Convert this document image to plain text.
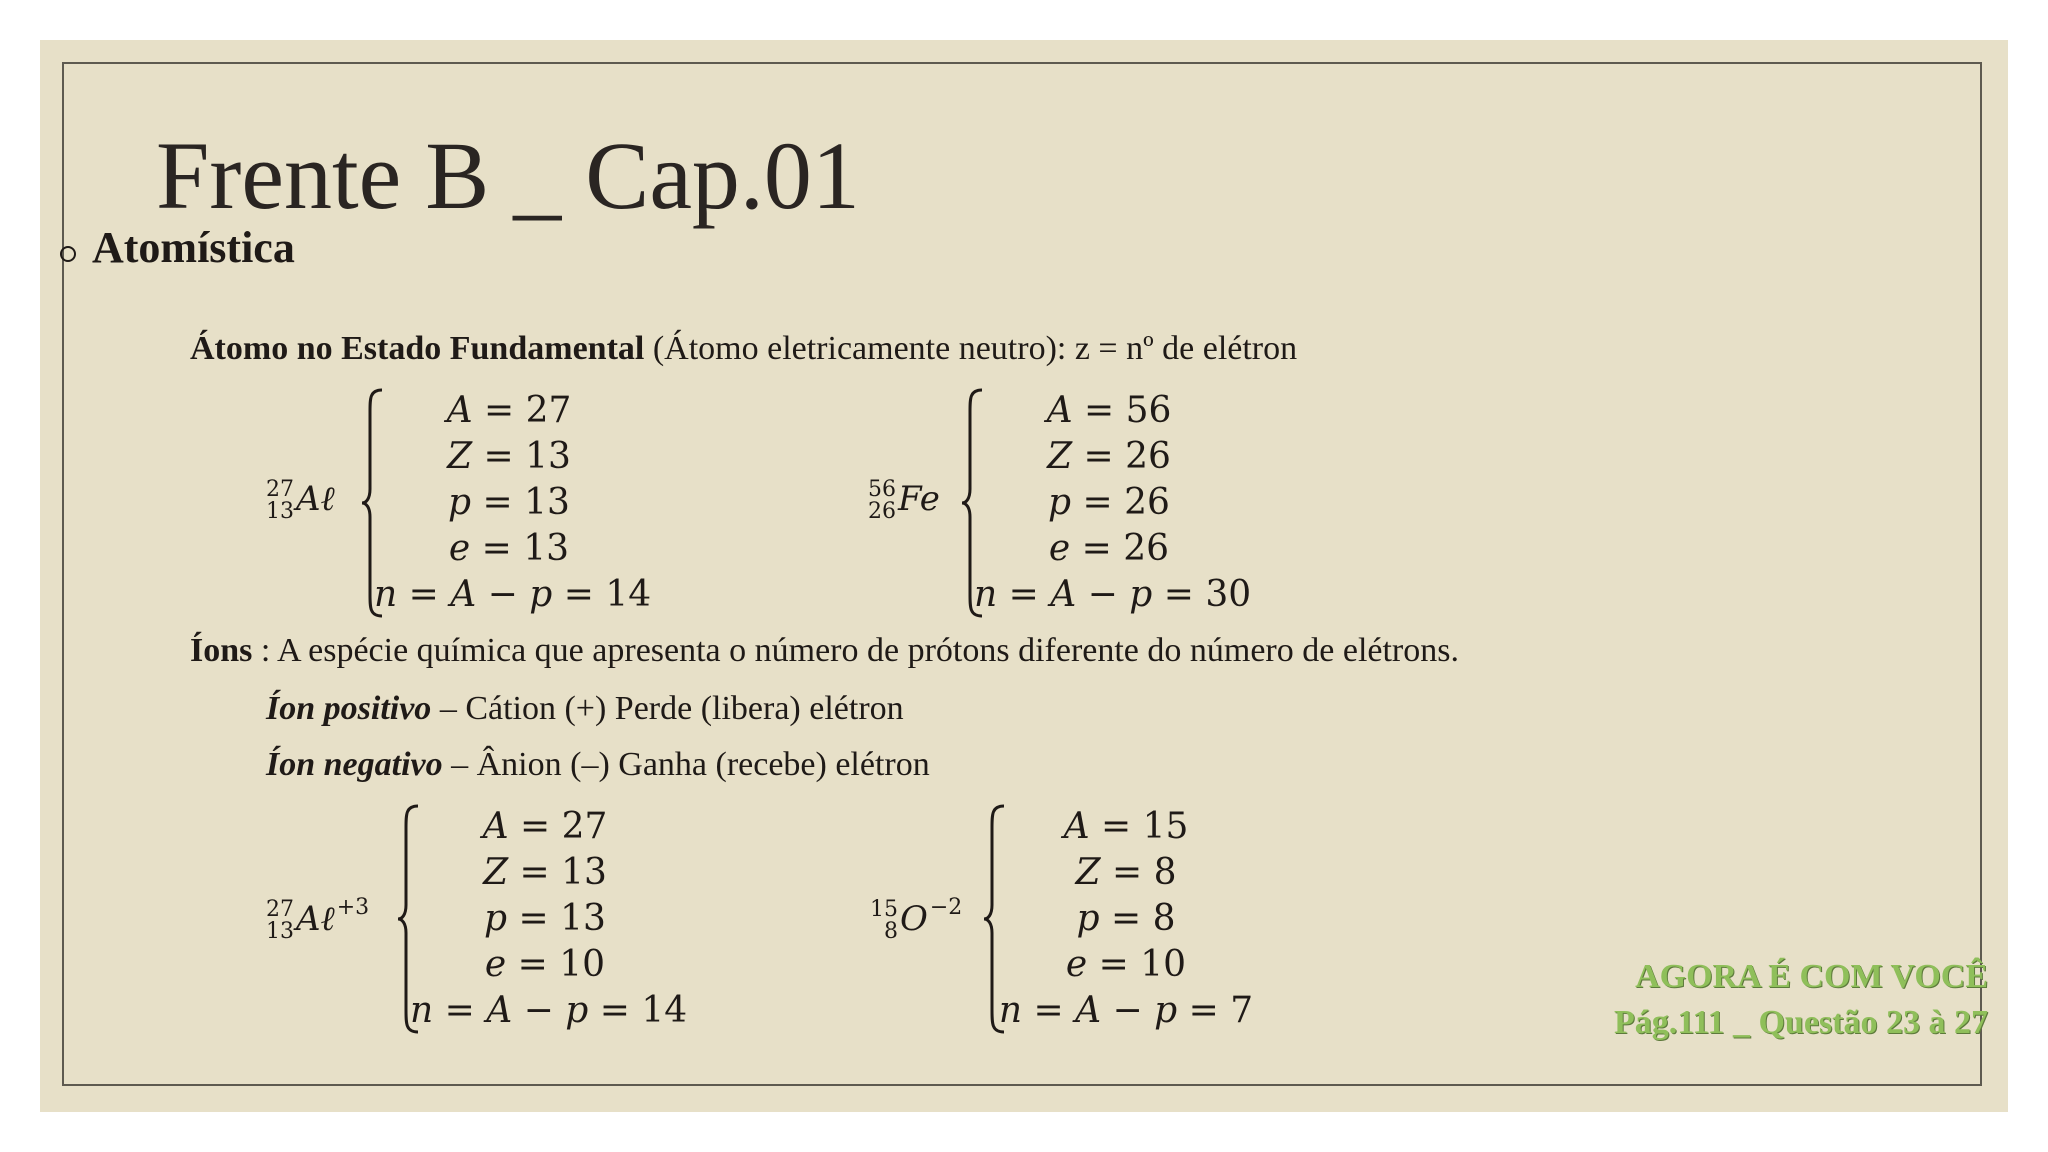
Frente B _ Cap.01
Atomística
Átomo no Estado Fundamental (Átomo eletricamente neutro): z = nº de elétron
Íons : A espécie química que apresenta o número de prótons diferente do número de elétrons.
Íon positivo – Cátion (+) Perde (libera) elétron
Íon negativo – Ânion (–) Ganha (recebe) elétron
27
13 Aℓ
A = 27
Z = 13
p = 13
e = 13
n = A − p = 14
56
26 Fe
A = 56
Z = 26
p = 26
e = 26
n = A − p = 30
27
13 Aℓ$^{+3}$
A = 27
Z = 13
p = 13
e = 10
n = A − p = 14
15
8 $O^{-2}$
A = 15
Z = 8
p = 8
e = 10
n = A − p = 7
AGORA É COM VOCÊ
Pág.111 _ Questão 23 à 27
